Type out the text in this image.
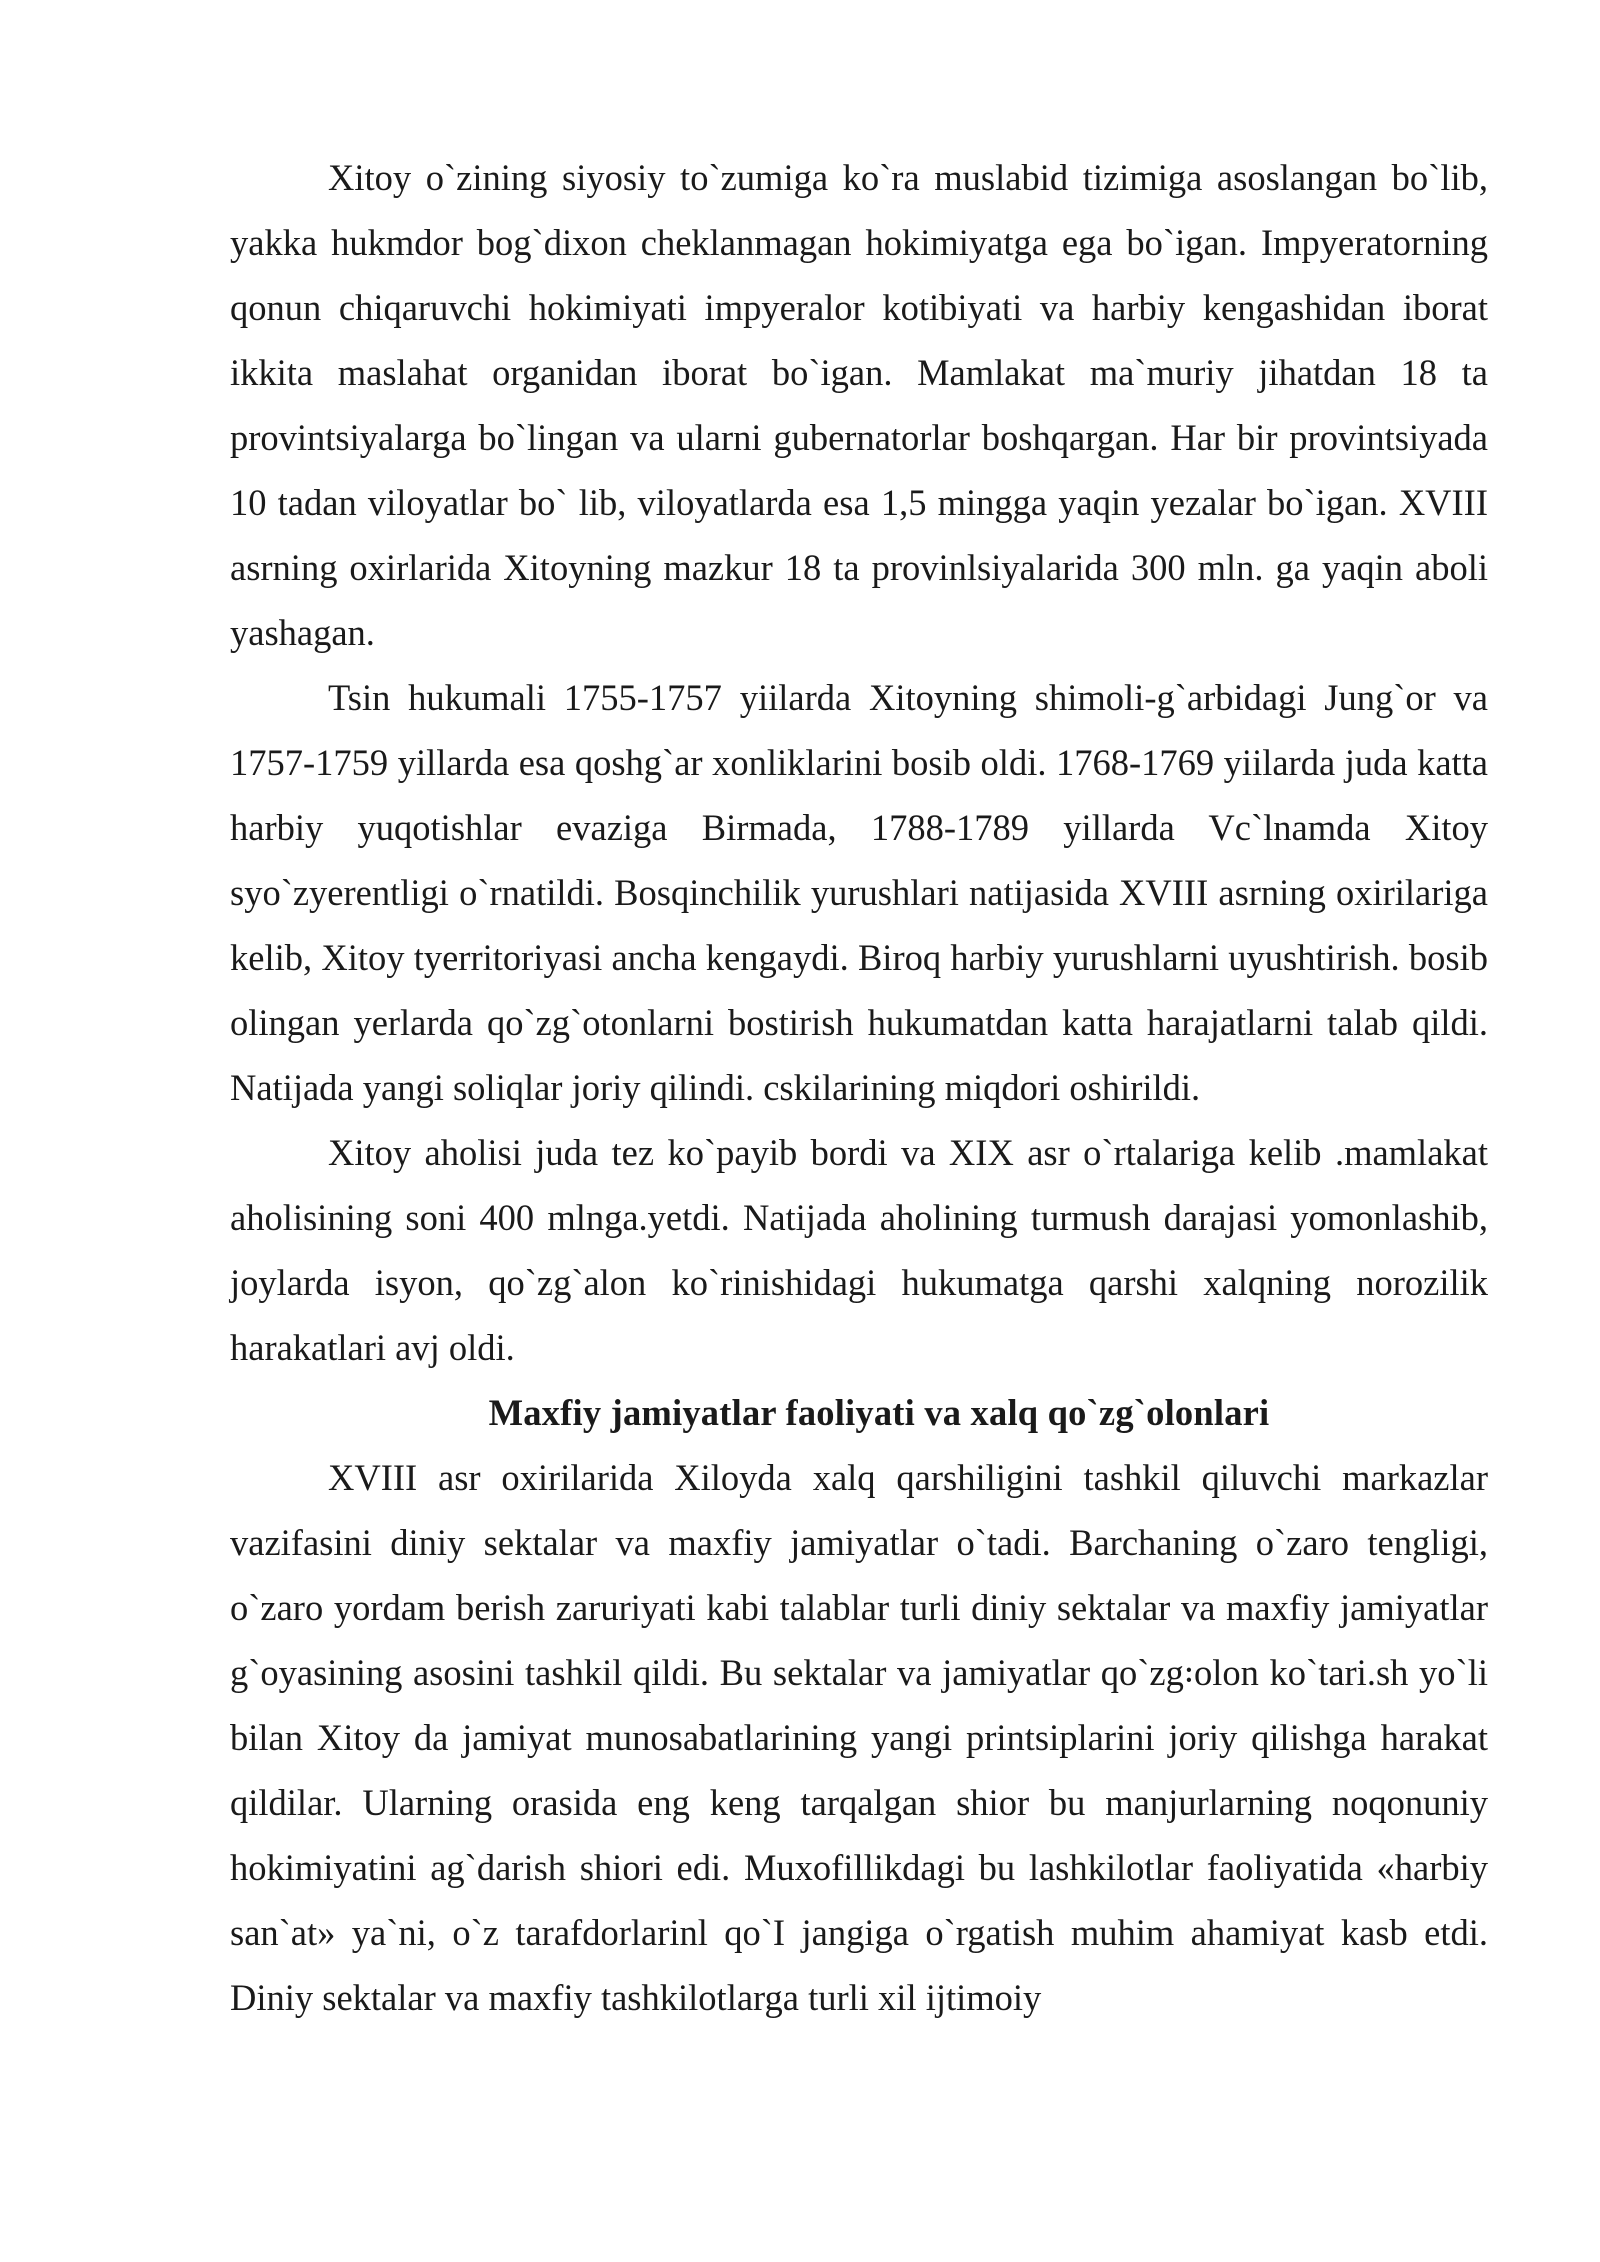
Xitoy o`zining siyosiy to`zumiga ko`ra muslabid tizimiga asoslangan bo`lib, yakka hukmdor bog`dixon cheklanmagan hokimiyatga ega bo`igan. Impyeratorning qonun chiqaruvchi hokimiyati impyeralor kotibiyati va harbiy kengashidan iborat ikkita maslahat organidan iborat bo`igan. Mamlakat ma`muriy jihatdan 18 ta provintsiyalarga bo`lingan va ularni gubernatorlar boshqargan. Har bir provintsiyada 10 tadan viloyatlar bo` lib, viloyatlarda esa 1,5 mingga yaqin yezalar bo`igan. XVIII asrning oxirlarida Xitoyning mazkur 18 ta provinlsiyalarida 300 mln. ga yaqin aboli yashagan.

Tsin hukumali 1755-1757 yiilarda Xitoyning shimoli-g`arbidagi Jung`or va 1757-1759 yillarda esa qoshg`ar xonliklarini bosib oldi. 1768-1769 yiilarda juda katta harbiy yuqotishlar evaziga Birmada, 1788-1789 yillarda Vc`lnamda Xitoy syo`zyerentligi o`rnatildi. Bosqinchilik yurushlari natijasida XVIII asrning oxirilariga kelib, Xitoy tyerritoriyasi ancha kengaydi. Biroq harbiy yurushlarni uyushtirish. bosib olingan yerlarda qo`zg`otonlarni bostirish hukumatdan katta harajatlarni talab qildi. Natijada yangi soliqlar joriy qilindi. cskilarining miqdori oshirildi.

Xitoy aholisi juda tez ko`payib bordi va XIX asr o`rtalariga kelib .mamlakat aholisining soni 400 mlnga.yetdi. Natijada aholining turmush darajasi yomonlashib, joylarda isyon, qo`zg`alon ko`rinishidagi hukumatga qarshi xalqning norozilik harakatlari avj oldi.

Maxfiy jamiyatlar faoliyati va xalq qo`zg`olonlari

XVIII asr oxirilarida Xiloyda xalq qarshiligini tashkil qiluvchi markazlar vazifasini diniy sektalar va maxfiy jamiyatlar o`tadi. Barchaning o`zaro tengligi, o`zaro yordam berish zaruriyati kabi talablar turli diniy sektalar va maxfiy jamiyatlar g`oyasining asosini tashkil qildi. Bu sektalar va jamiyatlar qo`zg꞉olon ko`tari.sh yo`li bilan Xitoy da jamiyat munosabatlarining yangi printsiplarini joriy qilishga harakat qildilar. Ularning orasida eng keng tarqalgan shior bu manjurlarning noqonuniy hokimiyatini ag`darish shiori edi. Muxofillikdagi bu lashkilotlar faoliyatida «harbiy san`at» ya`ni, o`z tarafdorlarinl qo`I jangiga o`rgatish muhim ahamiyat kasb etdi. Diniy sektalar va maxfiy tashkilotlarga turli xil ijtimoiy
